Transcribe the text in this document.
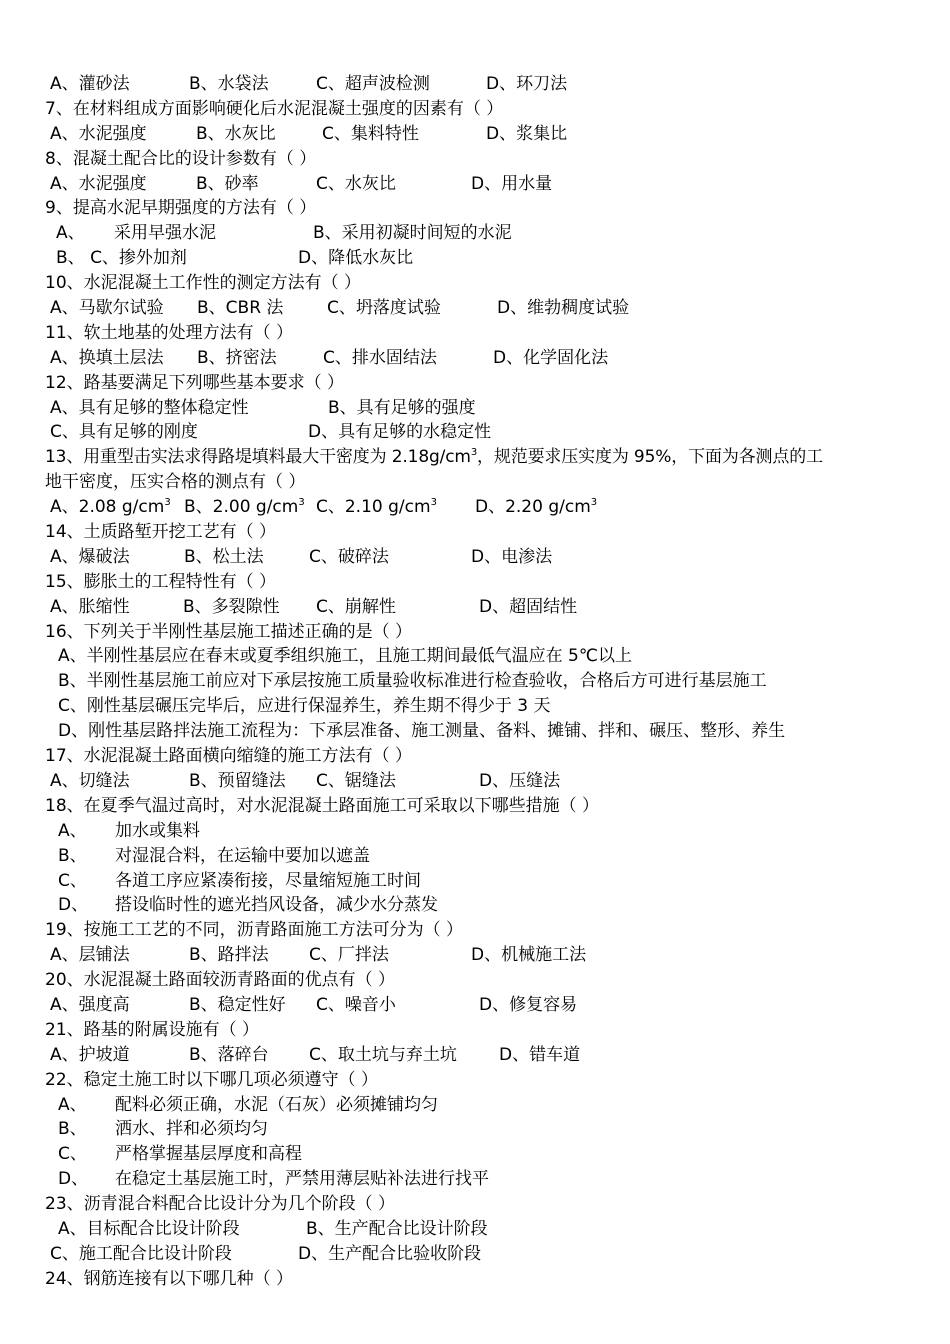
A、灌砂法	B、水袋法	C、超声波检测	D、环刀法
7、在材料组成方面影响硬化后水泥混凝土强度的因素有（ ）
A、水泥强度	B、水灰比	C、集料特性	D、浆集比
8、混凝土配合比的设计参数有（ ）
A、水泥强度	B、砂率	C、水灰比	D、用水量
9、提高水泥早期强度的方法有（ ）
A、 采用早强水泥	B、采用初凝时间短的水泥
B、 C、掺外加剂	D、降低水灰比
10、水泥混凝土工作性的测定方法有（ ）
A、马歇尔试验 B、CBR 法	C、坍落度试验	D、维勃稠度试验
11、软土地基的处理方法有（ ）
A、换填土层法 B、挤密法	C、排水固结法	D、化学固化法
12、路基要满足下列哪些基本要求（ ）
A、具有足够的整体稳定性	B、具有足够的强度
C、具有足够的刚度	D、具有足够的水稳定性
13、用重型击实法求得路堤填料最大干密度为 $2.18g/cm^3$，规范要求压实度为 95%，下面为各测点的工
地干密度，压实合格的测点有（ ）
A、2.08 $g/cm^3$ B、2.00 $g/cm^3$ C、2.10 $g/cm^3$ D、2.20 $g/cm^3$
14、土质路堑开挖工艺有（ ）
A、爆破法	B、松土法	C、破碎法	D、电渗法
15、膨胀土的工程特性有（ ）
A、胀缩性	B、多裂隙性 C、崩解性	D、超固结性
16、下列关于半刚性基层施工描述正确的是（ ）
A、半刚性基层应在春末或夏季组织施工，且施工期间最低气温应在 5℃以上
B、半刚性基层施工前应对下承层按施工质量验收标准进行检查验收，合格后方可进行基层施工
C、刚性基层碾压完毕后，应进行保湿养生，养生期不得少于 3 天
D、刚性基层路拌法施工流程为：下承层准备、施工测量、备料、摊铺、拌和、碾压、整形、养生
17、水泥混凝土路面横向缩缝的施工方法有（ ）
A、切缝法	B、预留缝法 C、锯缝法	D、压缝法
18、在夏季气温过高时，对水泥混凝土路面施工可采取以下哪些措施（ ）
A、 加水或集料
B、 对湿混合料，在运输中要加以遮盖
C、 各道工序应紧凑衔接，尽量缩短施工时间
D、 搭设临时性的遮光挡风设备，减少水分蒸发
19、按施工工艺的不同，沥青路面施工方法可分为（ ）
A、层铺法	B、路拌法 C、厂拌法	D、机械施工法
20、水泥混凝土路面较沥青路面的优点有（ ）
A、强度高	B、稳定性好 C、噪音小	D、修复容易
21、路基的附属设施有（ ）
A、护坡道	B、落碎台 C、取土坑与弃土坑 D、错车道
22、稳定土施工时以下哪几项必须遵守（ ）
A、 配料必须正确，水泥（石灰）必须摊铺均匀
B、 洒水、拌和必须均匀
C、 严格掌握基层厚度和高程
D、 在稳定土基层施工时，严禁用薄层贴补法进行找平
23、沥青混合料配合比设计分为几个阶段（ ）
A、目标配合比设计阶段	B、生产配合比设计阶段
C、施工配合比设计阶段	D、生产配合比验收阶段
24、钢筋连接有以下哪几种（ ）
